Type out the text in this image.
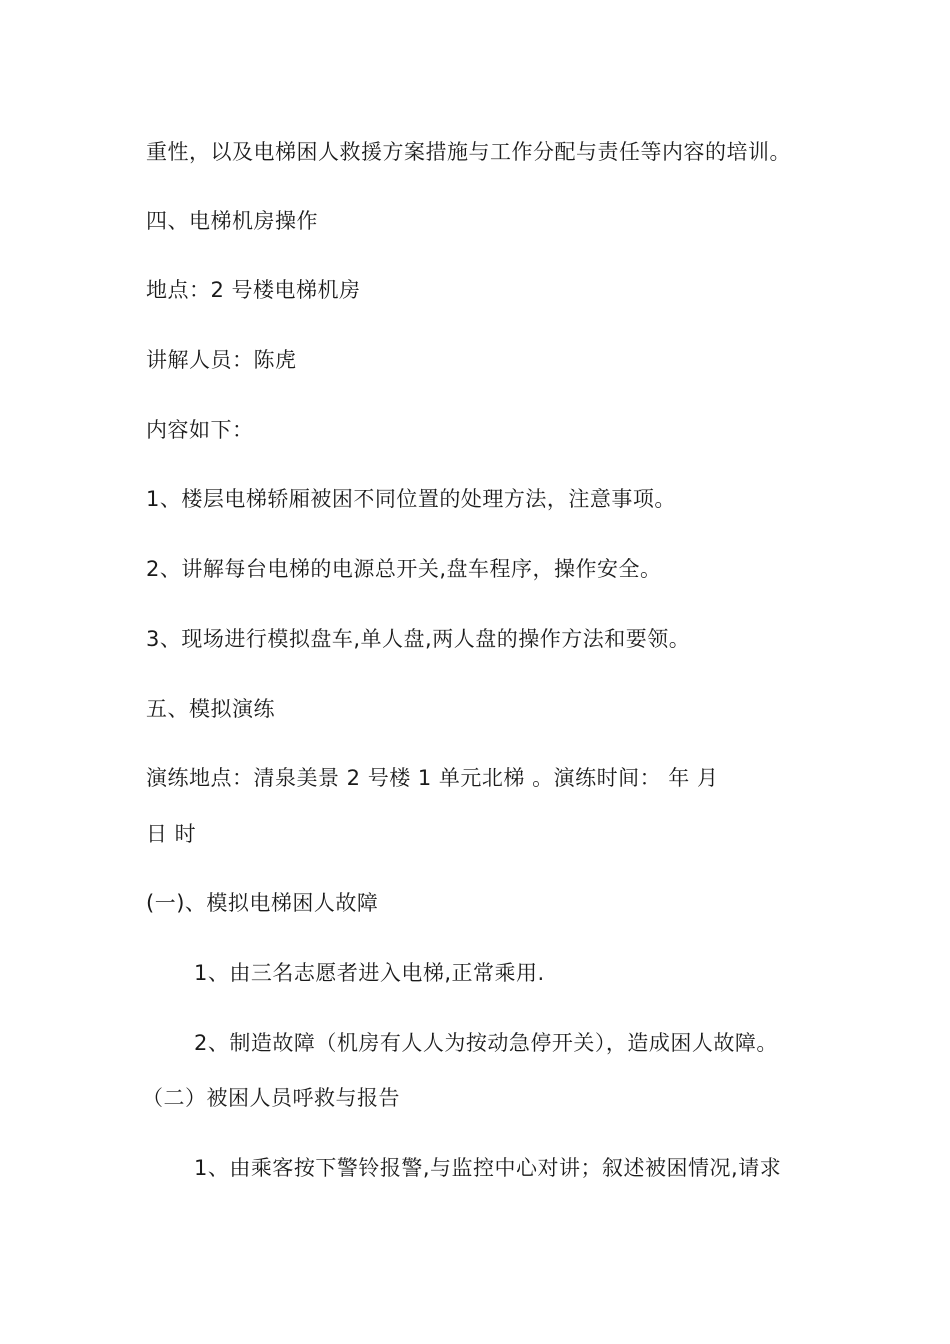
重性，以及电梯困人救援方案措施与工作分配与责任等内容的培训。
四、电梯机房操作
地点：2 号楼电梯机房
讲解人员：陈虎
内容如下：
1、楼层电梯轿厢被困不同位置的处理方法，注意事项。
2、讲解每台电梯的电源总开关,盘车程序，操作安全。
3、现场进行模拟盘车,单人盘,两人盘的操作方法和要领。
五、模拟演练
演练地点：清泉美景 2 号楼 1 单元北梯 。演练时间： 年 月
日 时
(一)、模拟电梯困人故障
1、由三名志愿者进入电梯,正常乘用.
2、制造故障（机房有人人为按动急停开关），造成困人故障。
（二）被困人员呼救与报告
1、由乘客按下警铃报警,与监控中心对讲；叙述被困情况,请求
